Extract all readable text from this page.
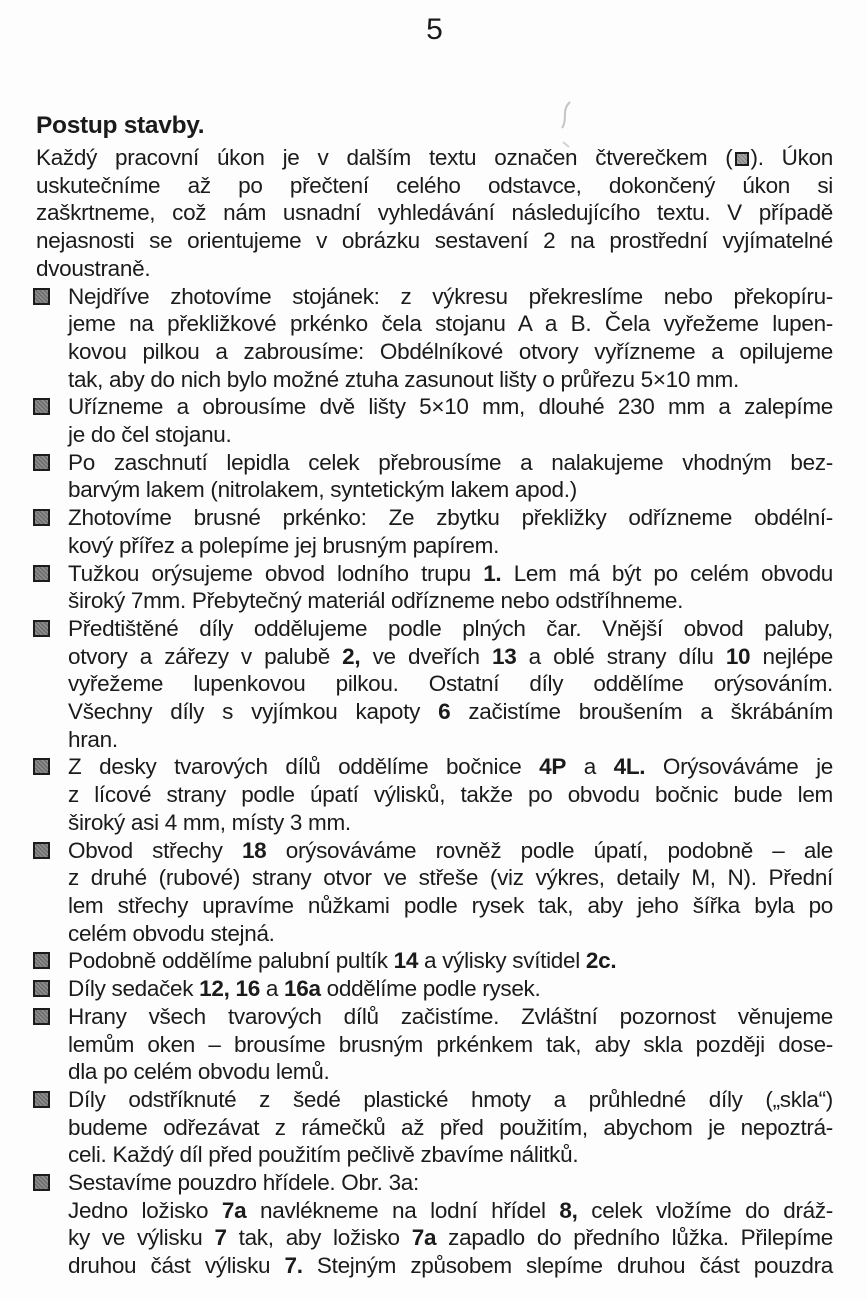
5
Postup stavby.
Každý pracovní úkon je v dalším textu označen čtverečkem ( ). Úkon
uskutečníme až po přečtení celého odstavce, dokončený úkon si
zaškrtneme, což nám usnadní vyhledávání následujícího textu. V případě
nejasnosti se orientujeme v obrázku sestavení 2 na prostřední vyjímatelné
dvoustraně.
Nejdříve zhotovíme stojánek: z výkresu překreslíme nebo překopíru-
jeme na překližkové prkénko čela stojanu A a B. Čela vyřežeme lupen-
kovou pilkou a zabrousíme: Obdélníkové otvory vyřízneme a opilujeme
tak, aby do nich bylo možné ztuha zasunout lišty o průřezu 5×10 mm.
Uřízneme a obrousíme dvě lišty 5×10 mm, dlouhé 230 mm a zalepíme
je do čel stojanu.
Po zaschnutí lepidla celek přebrousíme a nalakujeme vhodným bez-
barvým lakem (nitrolakem, syntetickým lakem apod.)
Zhotovíme brusné prkénko: Ze zbytku překližky odřízneme obdélní-
kový přířez a polepíme jej brusným papírem.
Tužkou orýsujeme obvod lodního trupu 1. Lem má být po celém obvodu
široký 7mm. Přebytečný materiál odřízneme nebo odstříhneme.
Předtištěné díly oddělujeme podle plných čar. Vnější obvod paluby,
otvory a zářezy v palubě 2, ve dveřích 13 a oblé strany dílu 10 nejlépe
vyřežeme lupenkovou pilkou. Ostatní díly oddělíme orýsováním.
Všechny díly s vyjímkou kapoty 6 začistíme broušením a škrábáním
hran.
Z desky tvarových dílů oddělíme bočnice 4P a 4L. Orýsováváme je
z lícové strany podle úpatí výlisků, takže po obvodu bočnic bude lem
široký asi 4 mm, místy 3 mm.
Obvod střechy 18 orýsováváme rovněž podle úpatí, podobně – ale
z druhé (rubové) strany otvor ve střeše (viz výkres, detaily M, N). Přední
lem střechy upravíme nůžkami podle rysek tak, aby jeho šířka byla po
celém obvodu stejná.
Podobně oddělíme palubní pultík 14 a výlisky svítidel 2c.
Díly sedaček 12, 16 a 16a oddělíme podle rysek.
Hrany všech tvarových dílů začistíme. Zvláštní pozornost věnujeme
lemům oken – brousíme brusným prkénkem tak, aby skla později dose-
dla po celém obvodu lemů.
Díly odstříknuté z šedé plastické hmoty a průhledné díly („skla“)
budeme odřezávat z rámečků až před použitím, abychom je nepoztrá-
celi. Každý díl před použitím pečlivě zbavíme nálitků.
Sestavíme pouzdro hřídele. Obr. 3a:
Jedno ložisko 7a navlékneme na lodní hřídel 8, celek vložíme do dráž-
ky ve výlisku 7 tak, aby ložisko 7a zapadlo do předního lůžka. Přilepíme
druhou část výlisku 7. Stejným způsobem slepíme druhou část pouzdra
